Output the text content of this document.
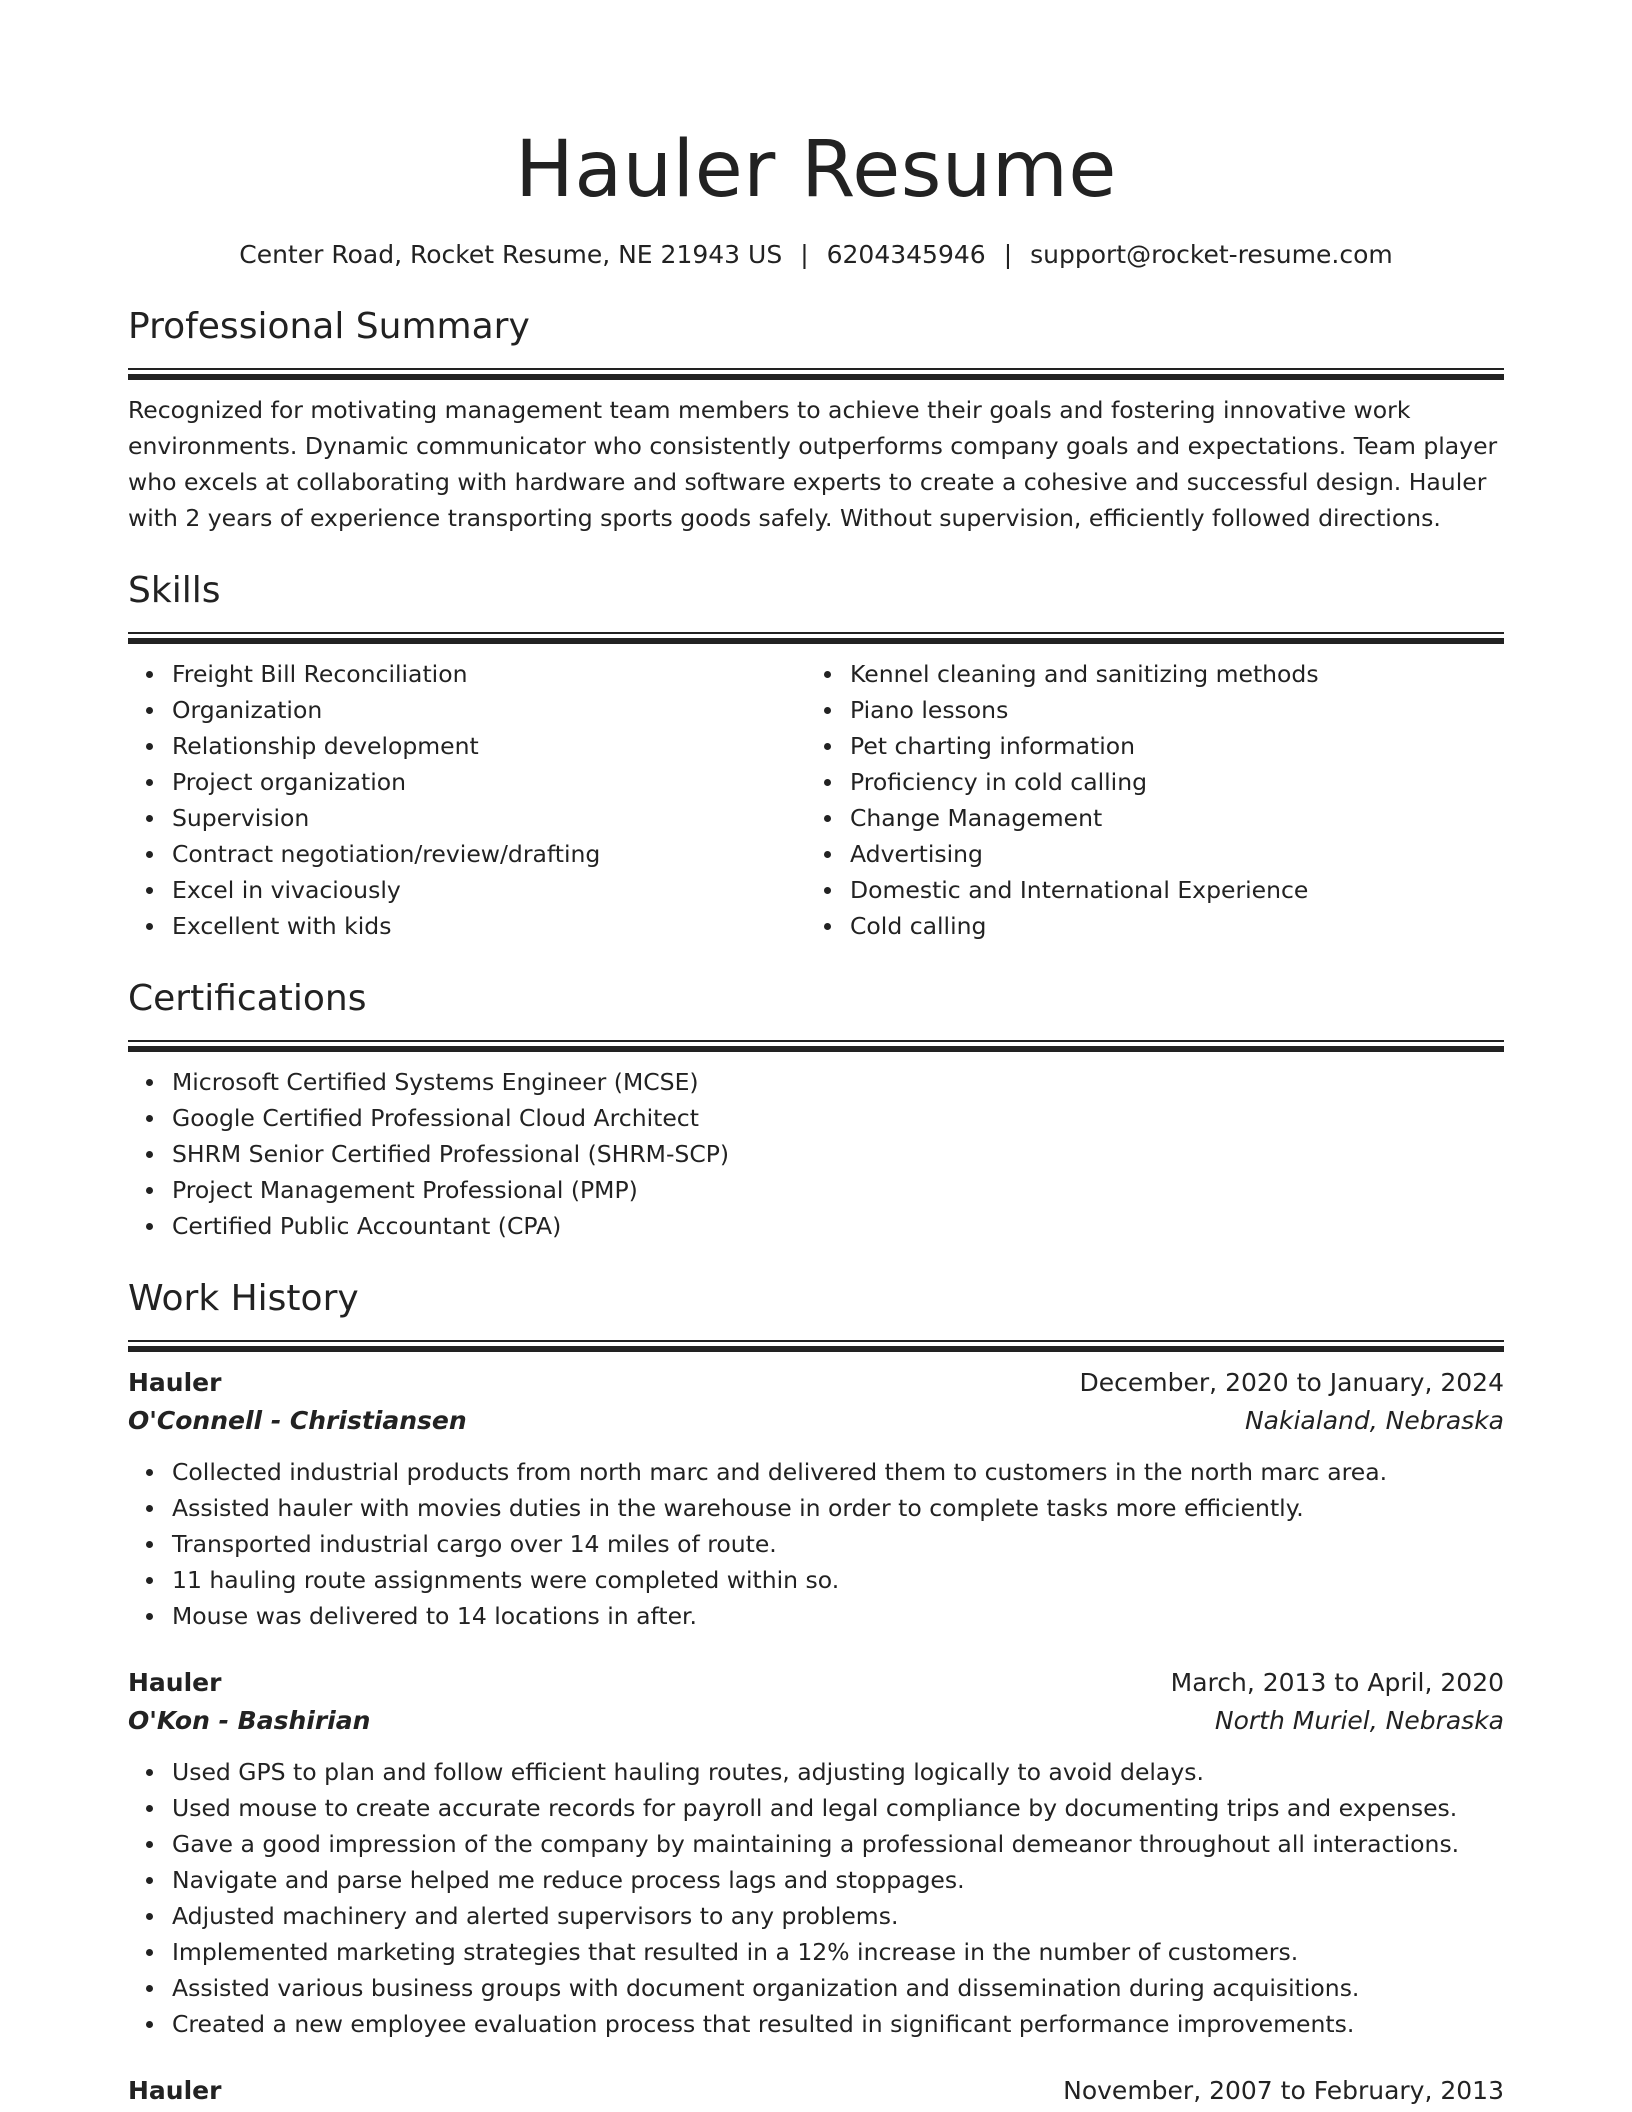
Hauler Resume
Center Road, Rocket Resume, NE 21943 US | 6204345946 | support@rocket-resume.com
Professional Summary
Recognized for motivating management team members to achieve their goals and fostering innovative work environments. Dynamic communicator who consistently outperforms company goals and expectations. Team player who excels at collaborating with hardware and software experts to create a cohesive and successful design. Hauler with 2 years of experience transporting sports goods safely. Without supervision, efficiently followed directions.
Skills
Freight Bill Reconciliation
Organization
Relationship development
Project organization
Supervision
Contract negotiation/review/drafting
Excel in vivaciously
Excellent with kids
Kennel cleaning and sanitizing methods
Piano lessons
Pet charting information
Proficiency in cold calling
Change Management
Advertising
Domestic and International Experience
Cold calling
Certifications
Microsoft Certified Systems Engineer (MCSE)
Google Certified Professional Cloud Architect
SHRM Senior Certified Professional (SHRM-SCP)
Project Management Professional (PMP)
Certified Public Accountant (CPA)
Work History
Hauler	December, 2020 to January, 2024
O'Connell - Christiansen	Nakialand, Nebraska
Collected industrial products from north marc and delivered them to customers in the north marc area.
Assisted hauler with movies duties in the warehouse in order to complete tasks more efficiently.
Transported industrial cargo over 14 miles of route.
11 hauling route assignments were completed within so.
Mouse was delivered to 14 locations in after.
Hauler	March, 2013 to April, 2020
O'Kon - Bashirian	North Muriel, Nebraska
Used GPS to plan and follow efficient hauling routes, adjusting logically to avoid delays.
Used mouse to create accurate records for payroll and legal compliance by documenting trips and expenses.
Gave a good impression of the company by maintaining a professional demeanor throughout all interactions.
Navigate and parse helped me reduce process lags and stoppages.
Adjusted machinery and alerted supervisors to any problems.
Implemented marketing strategies that resulted in a 12% increase in the number of customers.
Assisted various business groups with document organization and dissemination during acquisitions.
Created a new employee evaluation process that resulted in significant performance improvements.
Hauler	November, 2007 to February, 2013
